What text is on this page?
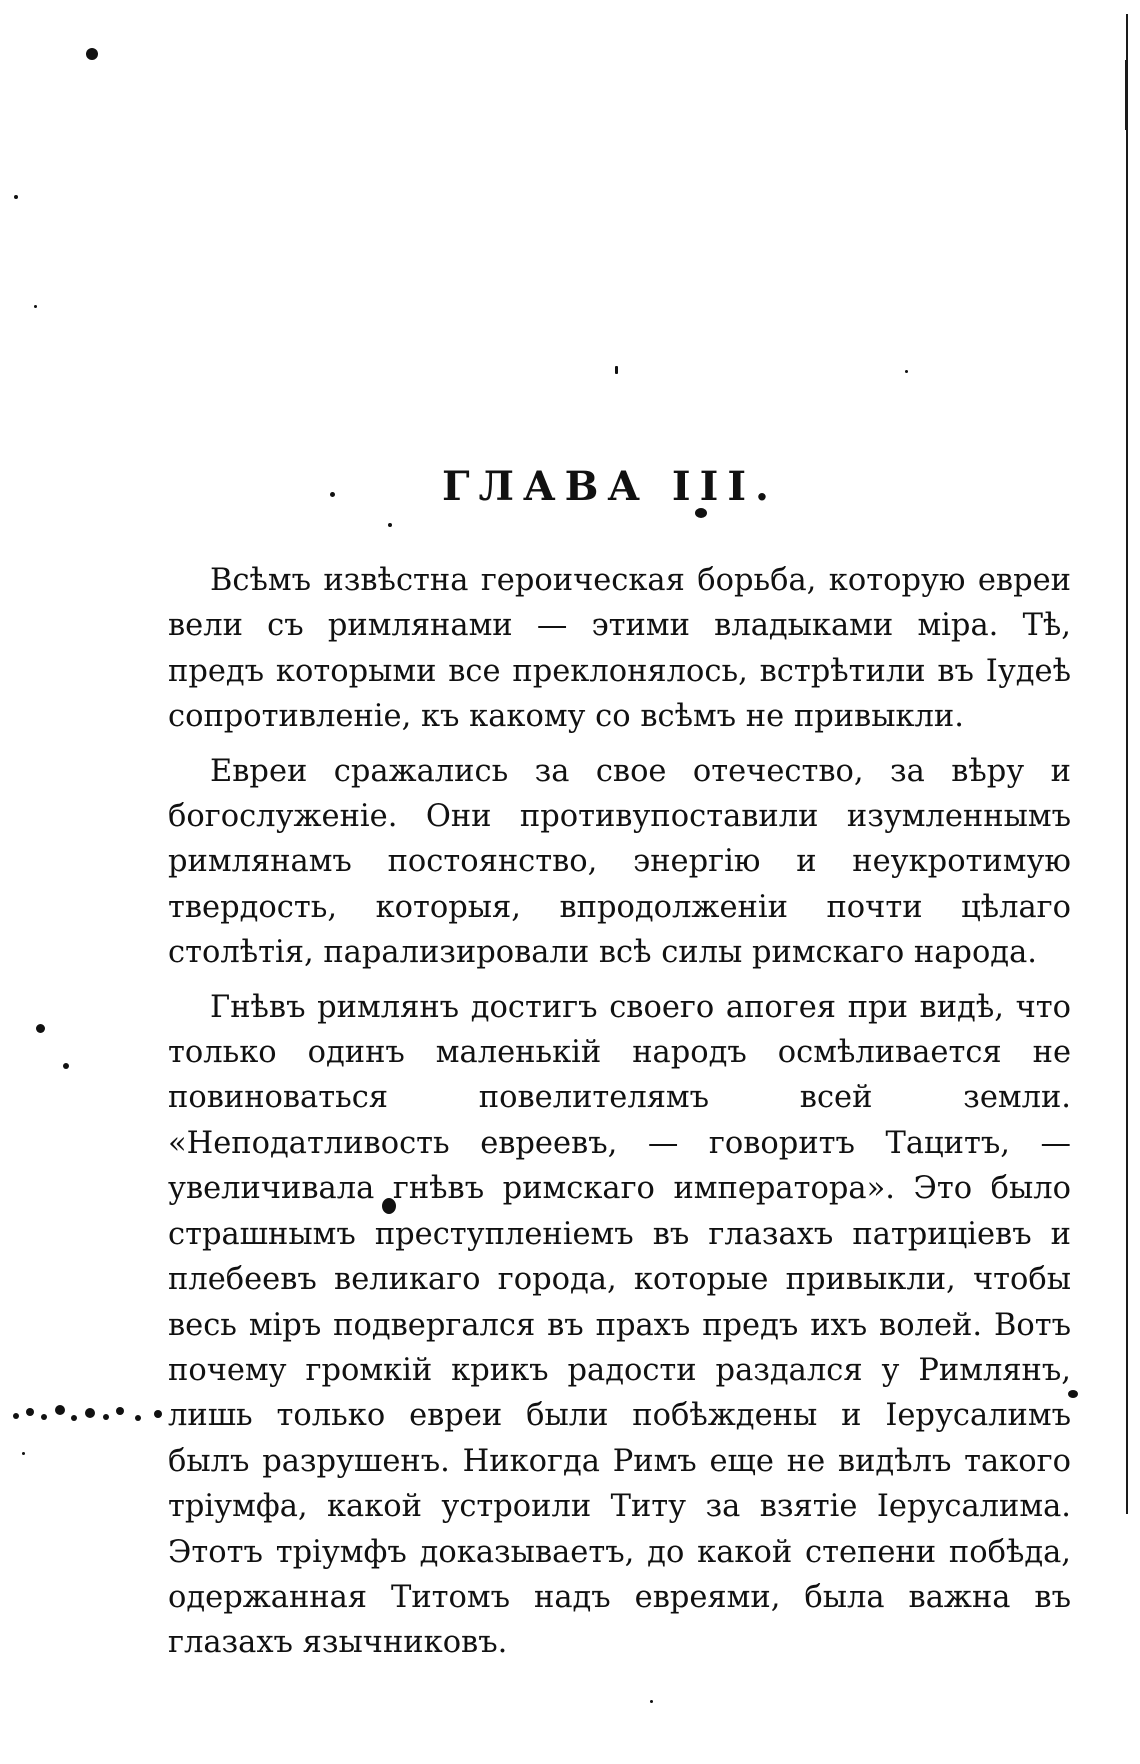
ГЛАВА III.

Всѣмъ извѣстна героическая борьба, которую евреи вели съ римлянами — этими владыками міра. Тѣ, предъ которыми все преклонялось, встрѣтили въ Іудеѣ сопротивленіе, къ какому со всѣмъ не привыкли.

Евреи сражались за свое отечество, за вѣру и богослуженіе. Они противупоставили изумленнымъ римлянамъ постоянство, энергію и неукротимую твердость, которыя, впродолженіи почти цѣлаго столѣтія, парализировали всѣ силы римскаго народа.

Гнѣвъ римлянъ достигъ своего апогея при видѣ, что только одинъ маленькій народъ осмѣливается не повиноваться повелителямъ всей земли. «Неподатливость евреевъ, — говоритъ Тацитъ, — увеличивала гнѣвъ римскаго императора». Это было страшнымъ преступленіемъ въ глазахъ патриціевъ и плебеевъ великаго города, которые привыкли, чтобы весь міръ подвергался въ прахъ предъ ихъ волей. Вотъ почему громкій крикъ радости раздался у Римлянъ, лишь только евреи были побѣждены и Іерусалимъ былъ разрушенъ. Никогда Римъ еще не видѣлъ такого тріумфа, какой устроили Титу за взятіе Іерусалима. Этотъ тріумфъ доказываетъ, до какой степени побѣда, одержанная Титомъ надъ евреями, была важна въ глазахъ язычниковъ.
